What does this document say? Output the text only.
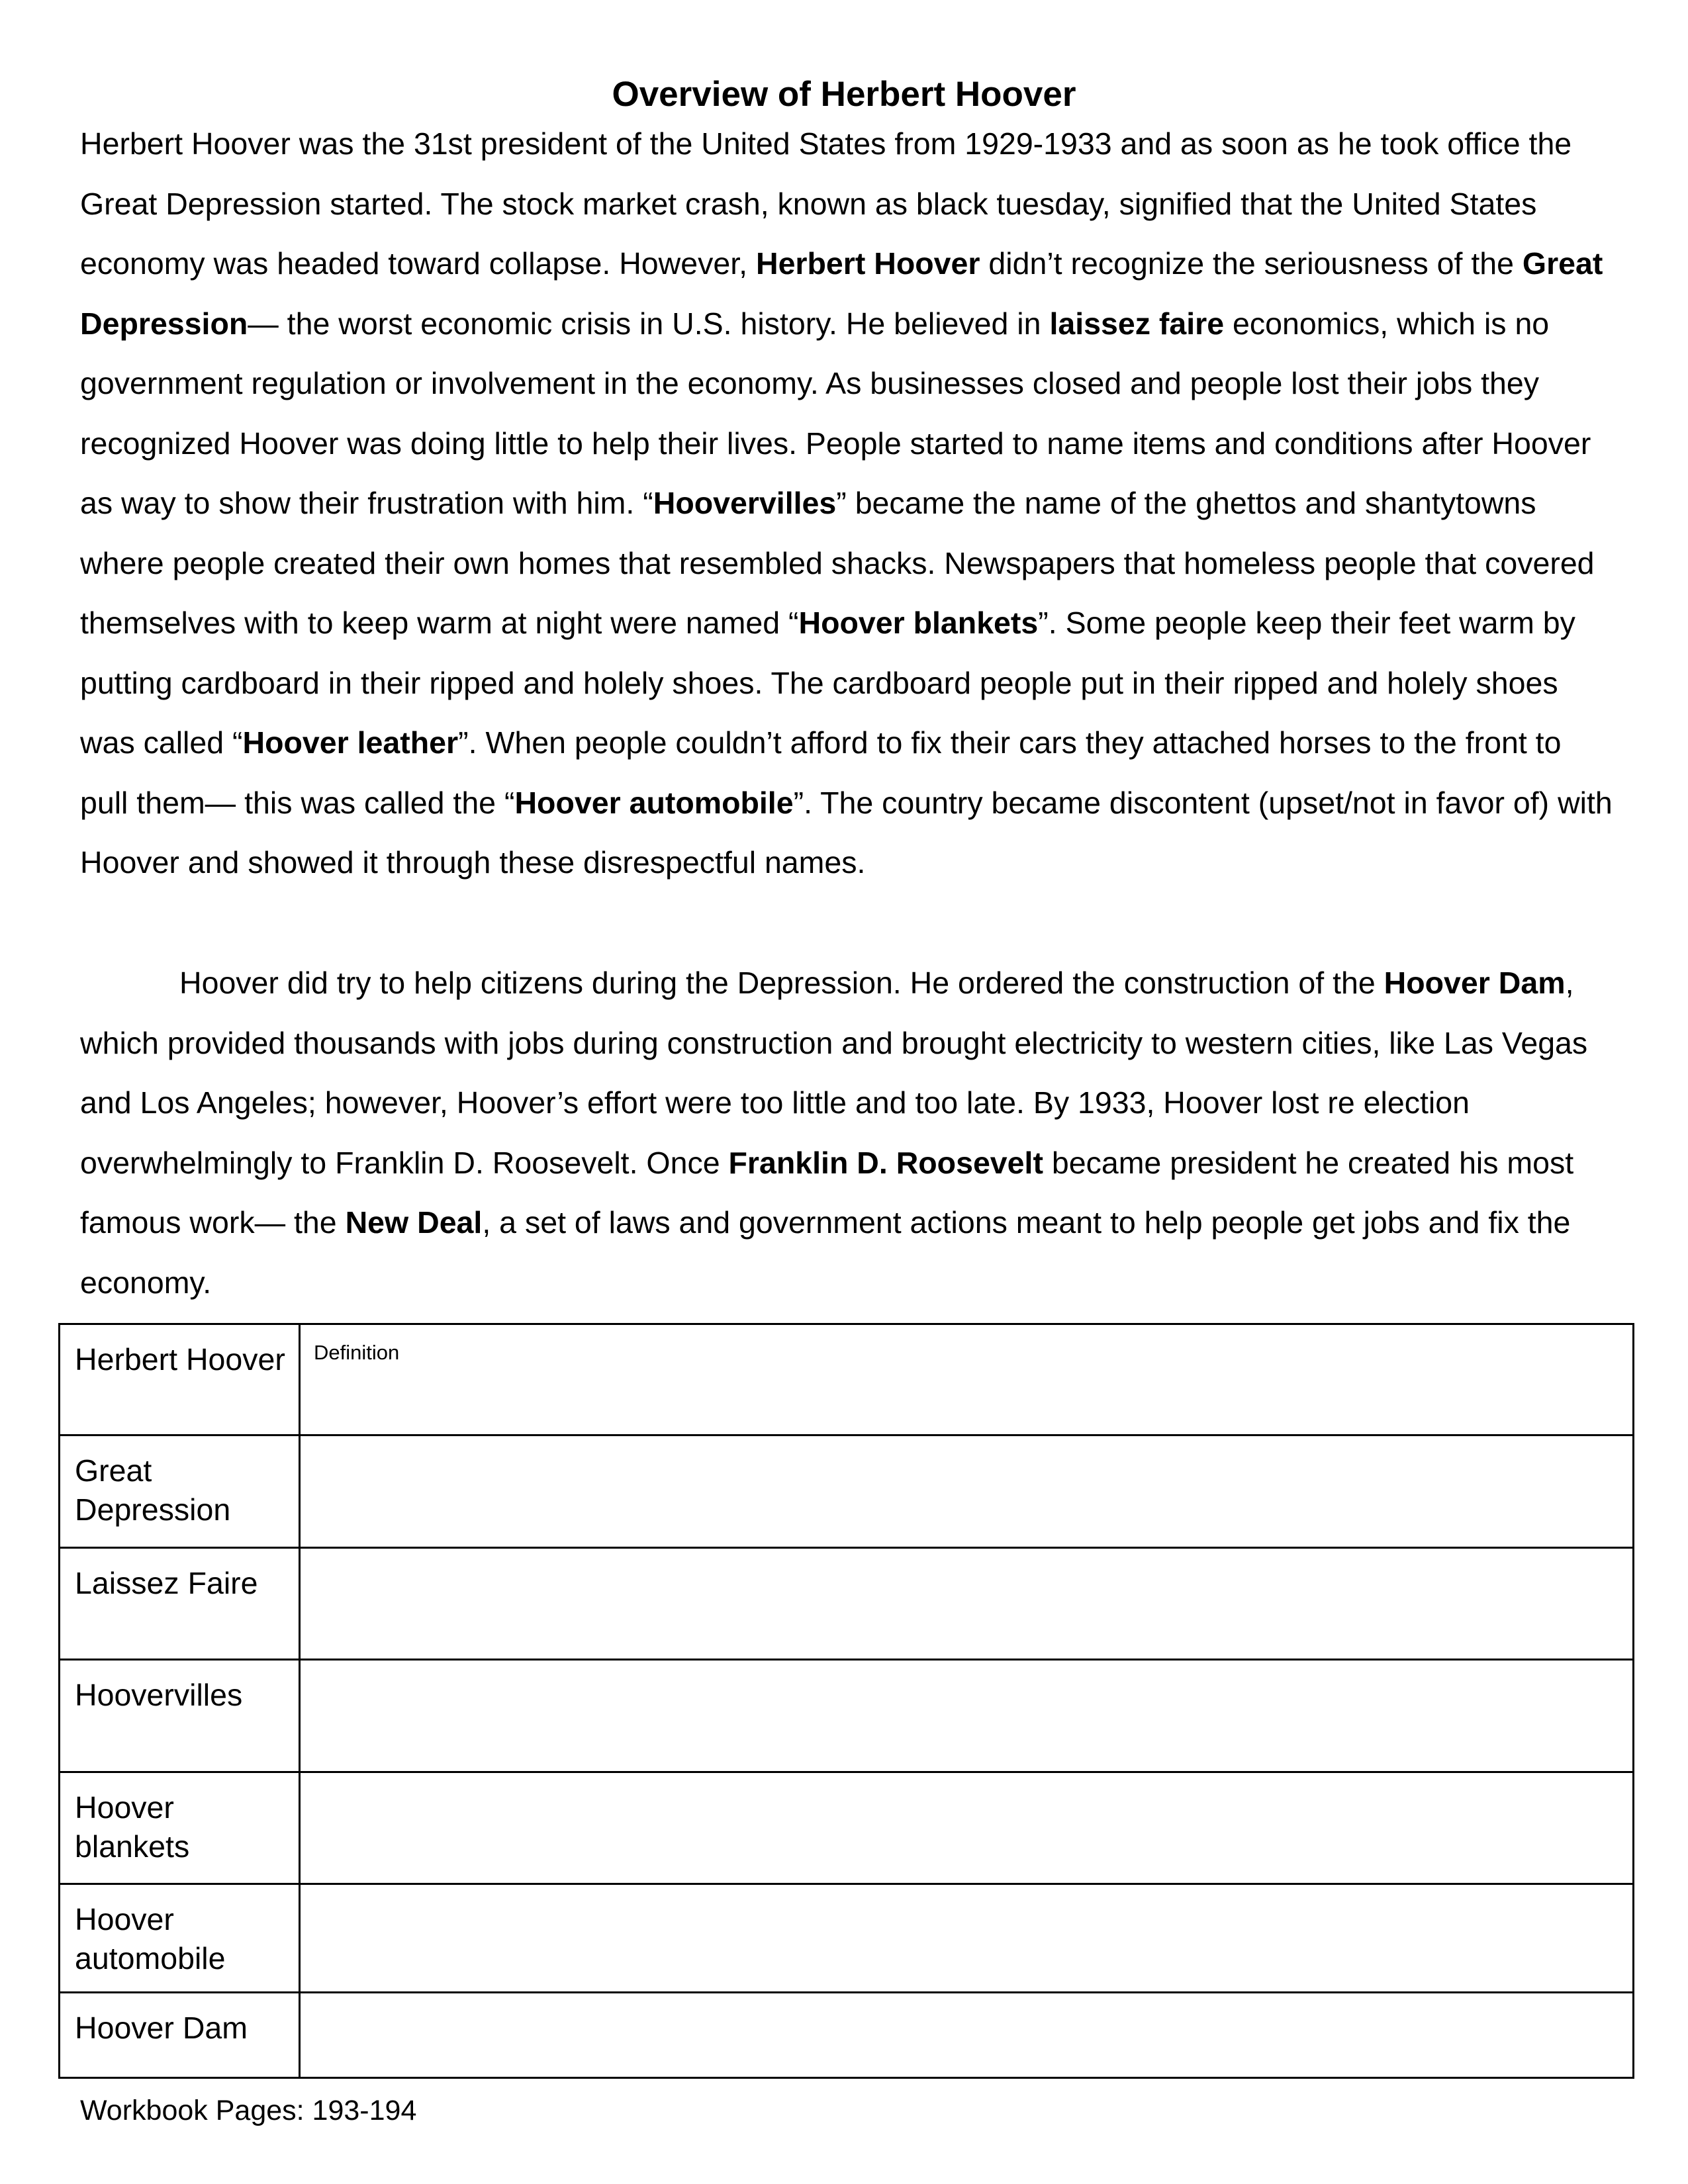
Overview of Herbert Hoover

Herbert Hoover was the 31st president of the United States from 1929-1933 and as soon as he took office the Great Depression started. The stock market crash, known as black tuesday, signified that the United States economy was headed toward collapse. However, Herbert Hoover didn’t recognize the seriousness of the Great Depression— the worst economic crisis in U.S. history. He believed in laissez faire economics, which is no government regulation or involvement in the economy. As businesses closed and people lost their jobs they recognized Hoover was doing little to help their lives. People started to name items and conditions after Hoover as way to show their frustration with him. “Hoovervilles” became the name of the ghettos and shantytowns where people created their own homes that resembled shacks. Newspapers that homeless people that covered themselves with to keep warm at night were named “Hoover blankets”. Some people keep their feet warm by putting cardboard in their ripped and holely shoes. The cardboard people put in their ripped and holely shoes was called “Hoover leather”. When people couldn’t afford to fix their cars they attached horses to the front to pull them— this was called the “Hoover automobile”. The country became discontent (upset/not in favor of) with Hoover and showed it through these disrespectful names.

Hoover did try to help citizens during the Depression. He ordered the construction of the Hoover Dam, which provided thousands with jobs during construction and brought electricity to western cities, like Las Vegas and Los Angeles; however, Hoover’s effort were too little and too late. By 1933, Hoover lost re election overwhelmingly to Franklin D. Roosevelt. Once Franklin D. Roosevelt became president he created his most famous work— the New Deal, a set of laws and government actions meant to help people get jobs and fix the economy.

Herbert Hoover	Definition

Great Depression	
Laissez Faire	
Hoovervilles	
Hoover blankets	
Hoover automobile	
Hoover Dam	

Workbook Pages: 193-194
